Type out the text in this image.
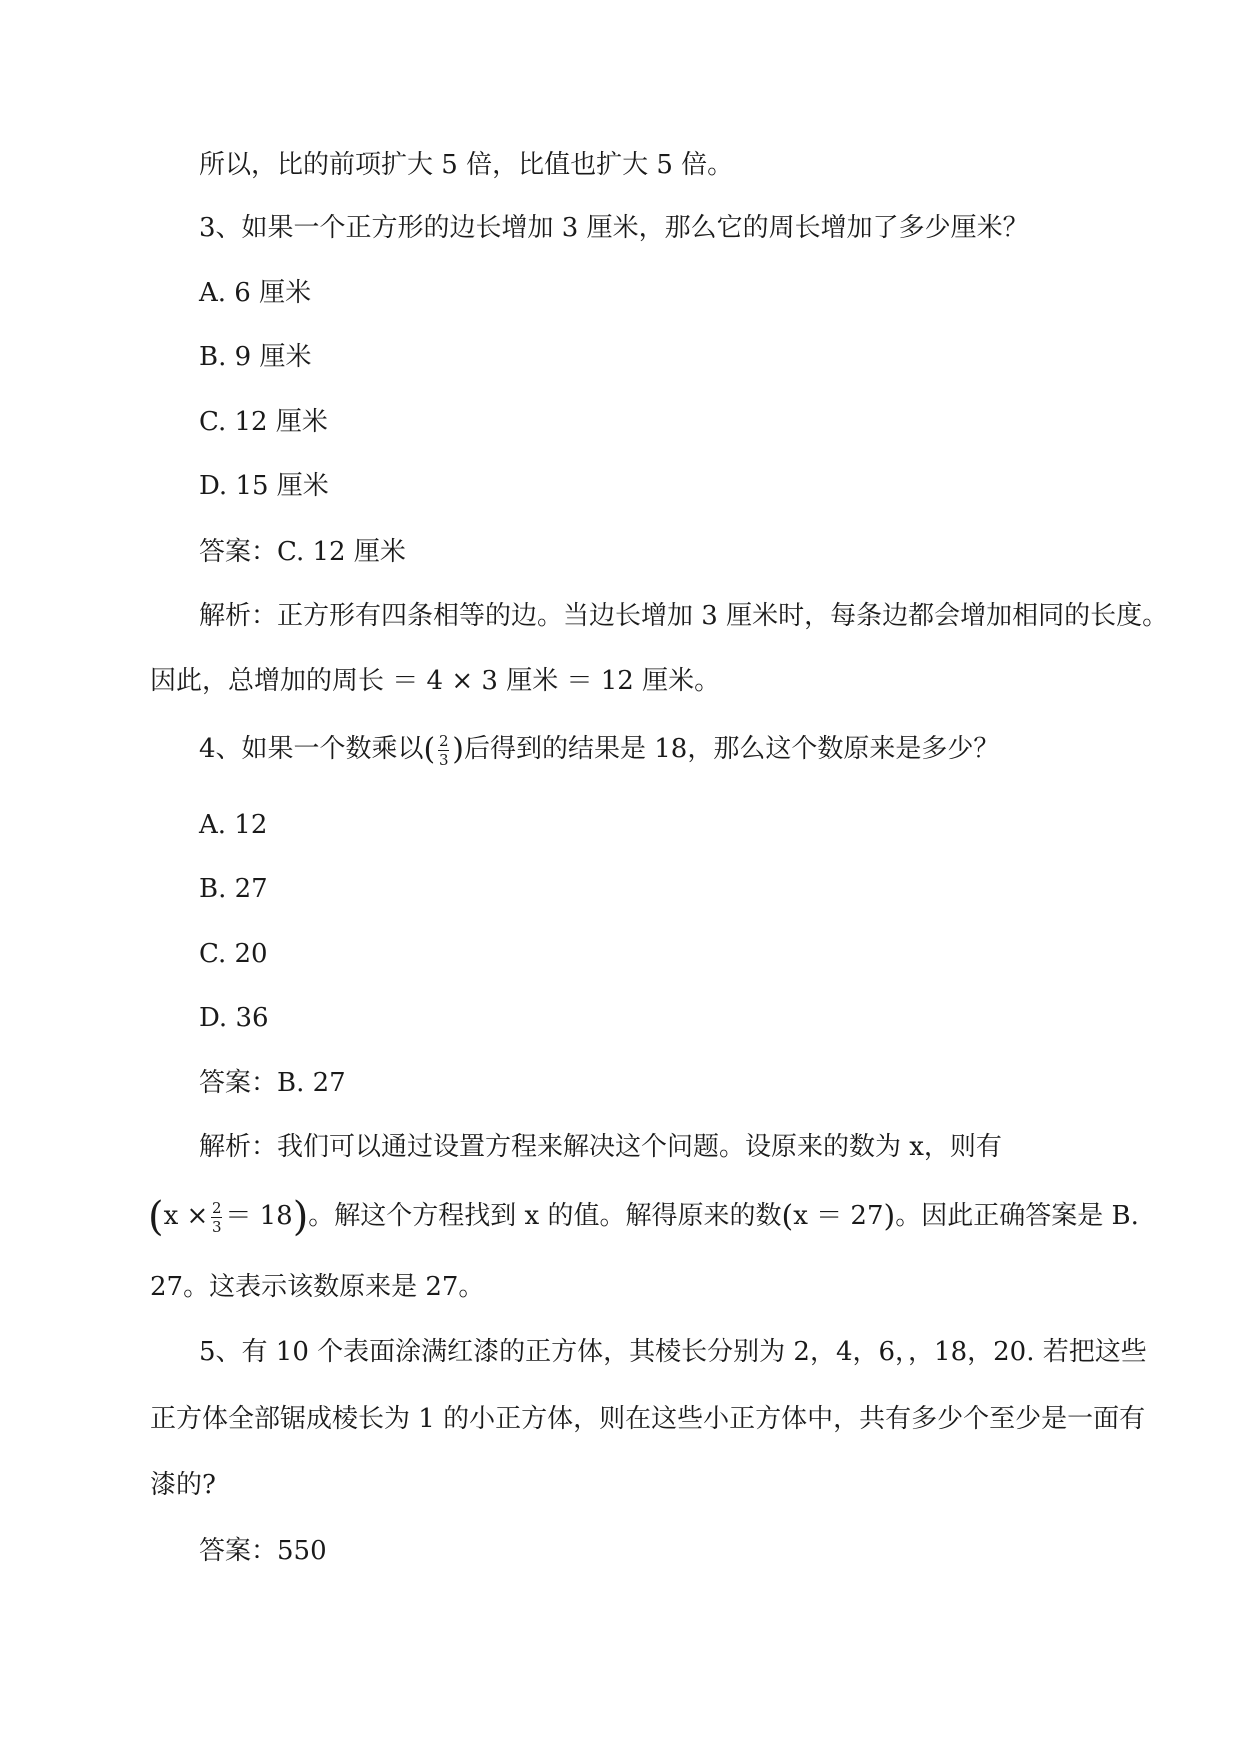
所以，比的前项扩大 5 倍，比值也扩大 5 倍。
3、如果一个正方形的边长增加 3 厘米，那么它的周长增加了多少厘米？
A. 6 厘米
B. 9 厘米
C. 12 厘米
D. 15 厘米
答案：C. 12 厘米
解析：正方形有四条相等的边。当边长增加 3 厘米时，每条边都会增加相同的长度。
因此，总增加的周长 ＝ 4 × 3 厘米 ＝ 12 厘米。
4、如果一个数乘以( $\frac{2}{3}$ )后得到的结果是 18，那么这个数原来是多少？
A. 12
B. 27
C. 20
D. 36
答案：B. 27
解析：我们可以通过设置方程来解决这个问题。设原来的数为 x，则有
$(x \times \frac{2}{3} = 18)$。解这个方程找到 x 的值。解得原来的数(x ＝ 27)。因此正确答案是 B.
27。这表示该数原来是 27。
5、有 10 个表面涂满红漆的正方体，其棱长分别为 2，4，6，，18，20. 若把这些
正方体全部锯成棱长为 1 的小正方体，则在这些小正方体中，共有多少个至少是一面有
漆的?
答案：550
